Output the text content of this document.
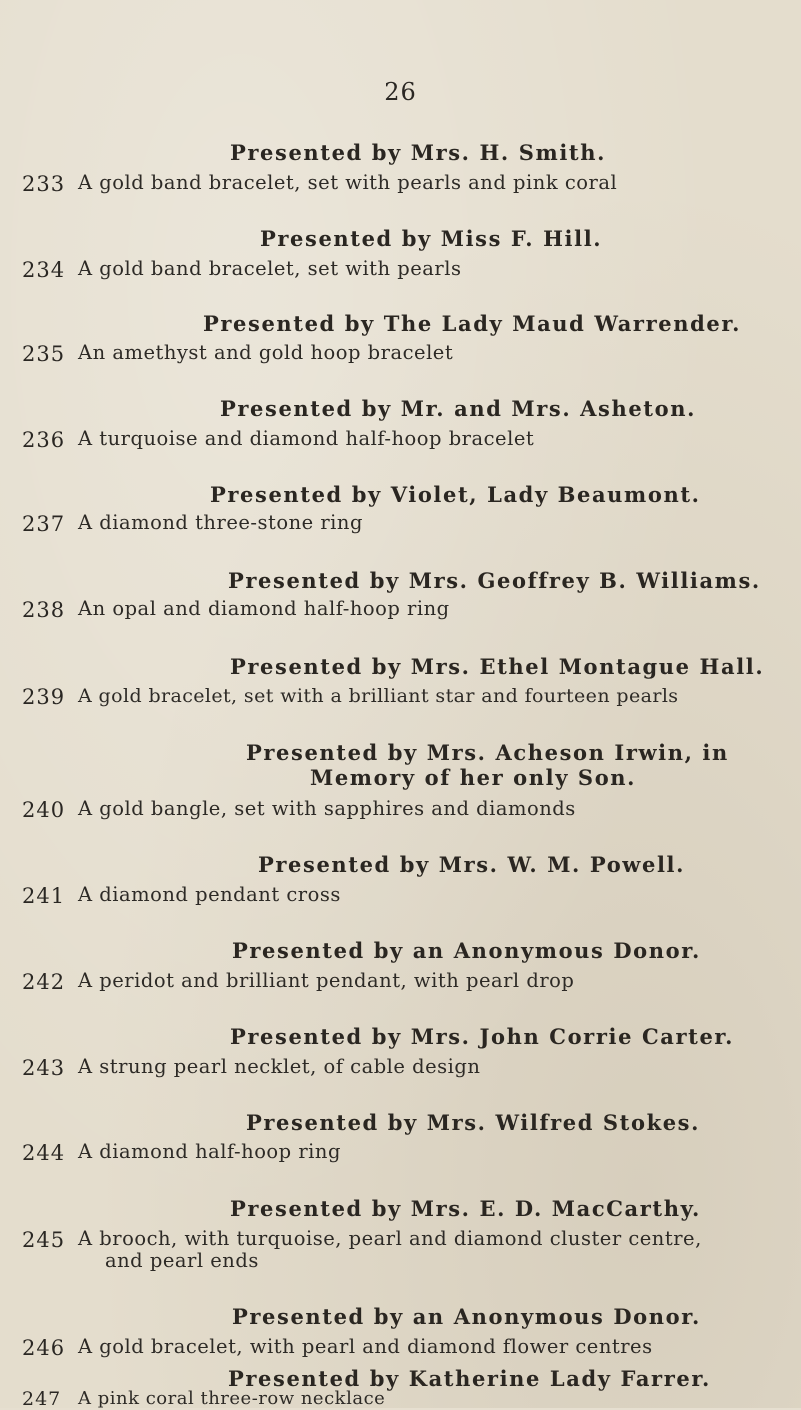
26
Presented by Mrs. H. Smith.
233 A gold band bracelet, set with pearls and pink coral
Presented by Miss F. Hill.
234 A gold band bracelet, set with pearls
Presented by The Lady Maud Warrender.
235 An amethyst and gold hoop bracelet
Presented by Mr. and Mrs. Asheton.
236 A turquoise and diamond half-hoop bracelet
Presented by Violet, Lady Beaumont.
237 A diamond three-stone ring
Presented by Mrs. Geoffrey B. Williams.
238 An opal and diamond half-hoop ring
Presented by Mrs. Ethel Montague Hall.
239 A gold bracelet, set with a brilliant star and fourteen pearls
Presented by Mrs. Acheson Irwin, in
Memory of her only Son.
240 A gold bangle, set with sapphires and diamonds
Presented by Mrs. W. M. Powell.
241 A diamond pendant cross
Presented by an Anonymous Donor.
242 A peridot and brilliant pendant, with pearl drop
Presented by Mrs. John Corrie Carter.
243 A strung pearl necklet, of cable design
Presented by Mrs. Wilfred Stokes.
244 A diamond half-hoop ring
Presented by Mrs. E. D. MacCarthy.
245 A brooch, with turquoise, pearl and diamond cluster centre,
and pearl ends
Presented by an Anonymous Donor.
246 A gold bracelet, with pearl and diamond flower centres
Presented by Katherine Lady Farrer.
247 A pink coral three-row necklace
